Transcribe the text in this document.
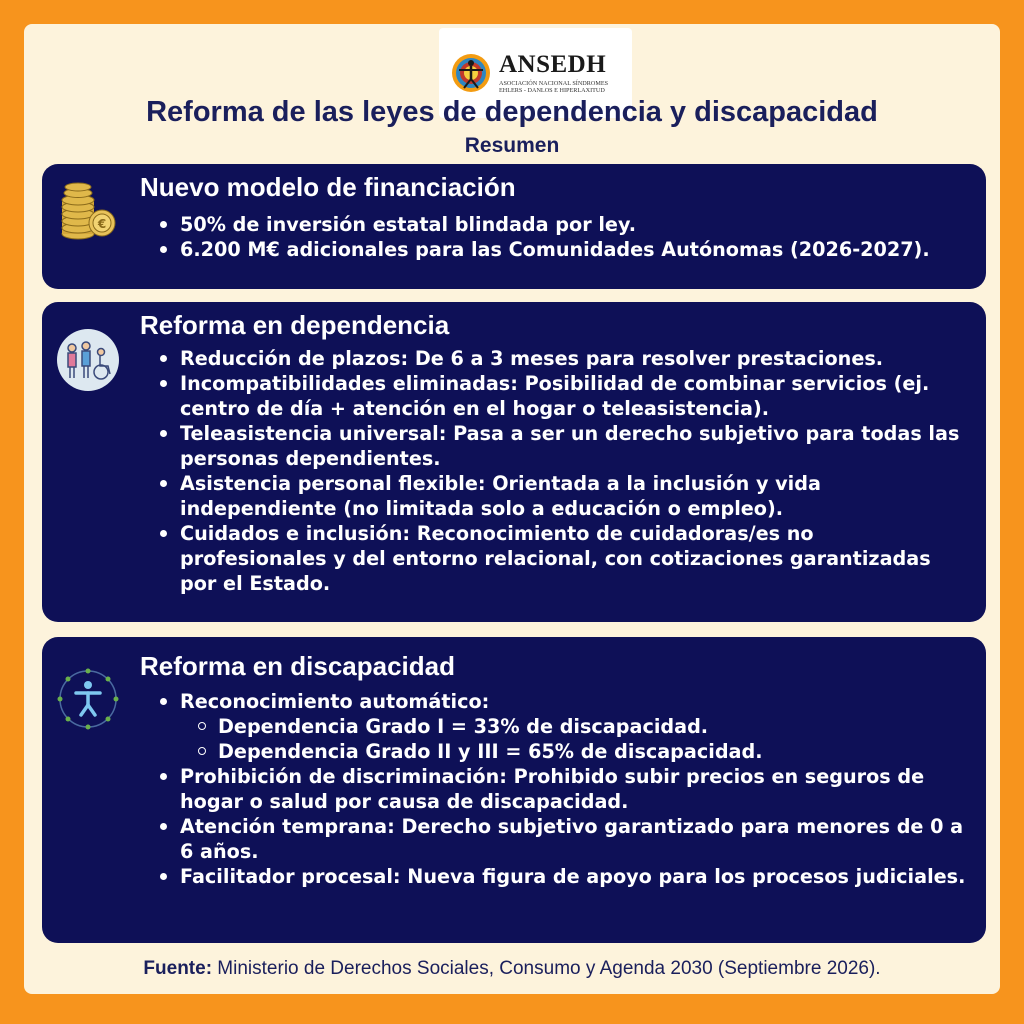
ANSEDH
ASOCIACIÓN NACIONAL SÍNDROMES EHLERS - DANLOS E HIPERLAXITUD
Reforma de las leyes de dependencia y discapacidad
Resumen
€
Nuevo modelo de financiación
50% de inversión estatal blindada por ley.
6.200 M€ adicionales para las Comunidades Autónomas (2026-2027).
Reforma en dependencia
Reducción de plazos: De 6 a 3 meses para resolver prestaciones.
Incompatibilidades eliminadas: Posibilidad de combinar servicios (ej. centro de día + atención en el hogar o teleasistencia).
Teleasistencia universal: Pasa a ser un derecho subjetivo para todas las personas dependientes.
Asistencia personal flexible: Orientada a la inclusión y vida independiente (no limitada solo a educación o empleo).
Cuidados e inclusión: Reconocimiento de cuidadoras/es no profesionales y del entorno relacional, con cotizaciones garantizadas por el Estado.
Reforma en discapacidad
Reconocimiento automático:
Dependencia Grado I = 33% de discapacidad.
Dependencia Grado II y III = 65% de discapacidad.
Prohibición de discriminación: Prohibido subir precios en seguros de hogar o salud por causa de discapacidad.
Atención temprana: Derecho subjetivo garantizado para menores de 0 a 6 años.
Facilitador procesal: Nueva figura de apoyo para los procesos judiciales.
Fuente: Ministerio de Derechos Sociales, Consumo y Agenda 2030 (Septiembre 2026).
